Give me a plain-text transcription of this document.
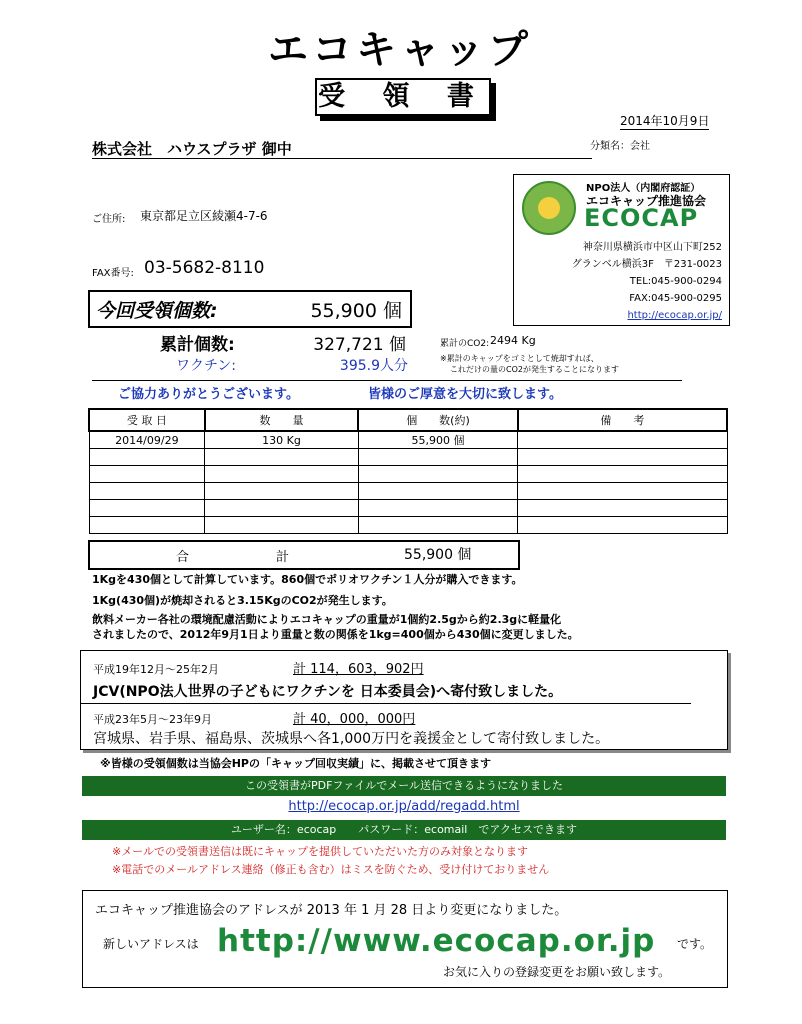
エコキャップ
受 領 書
2014年10月9日
株式会社　ハウスプラザ 御中	分類名：会社
ご住所: 東京都足立区綾瀬4-7-6
FAX番号: 03-5682-8110
NPO法人（内閣府認証）
エコキャップ推進協会
ECOCAP
神奈川県横浜市中区山下町252
グランベル横浜3F　〒231-0023
TEL:045-900-0294
FAX:045-900-0295
http://ecocap.or.jp/
今回受領個数:	55,900 個
累計個数:	327,721 個
ワクチン:	395.9人分
累計のCO2: 2494 Kg
※累計のキャップをゴミとして焼却すれば、
これだけの量のCO2が発生することになります
ご協力ありがとうございます。	皆様のご厚意を大切に致します。
受 取 日	数　　量	個　　数(約)	備　　考
2014/09/29	130 Kg	55,900 個	

合	計	55,900 個
1Kgを430個として計算しています。860個でポリオワクチン１人分が購入できます。
1Kg(430個)が焼却されると3.15KgのCO2が発生します。
飲料メーカー各社の環境配慮活動によりエコキャップの重量が1個約2.5gから約2.3gに軽量化
されましたので、2012年9月1日より重量と数の関係を1kg=400個から430個に変更しました。
平成19年12月～25年2月	計 114，603，902円
JCV(NPO法人世界の子どもにワクチンを 日本委員会)へ寄付致しました。
平成23年5月～23年9月	計 40，000，000円
宮城県、岩手県、福島県、茨城県へ各1,000万円を義援金として寄付致しました。
※皆様の受領個数は当協会HPの「キャップ回収実績」に、掲載させて頂きます
この受領書がPDFファイルでメール送信できるようになりました
http://ecocap.or.jp/add/regadd.html
ユーザー名：ecocap　　パスワード：ecomail　でアクセスできます
※メールでの受領書送信は既にキャップを提供していただいた方のみ対象となります
※電話でのメールアドレス連絡（修正も含む）はミスを防ぐため、受け付けておりません
エコキャップ推進協会のアドレスが 2013 年 1 月 28 日より変更になりました。
新しいアドレスは http://www.ecocap.or.jp です。
お気に入りの登録変更をお願い致します。
